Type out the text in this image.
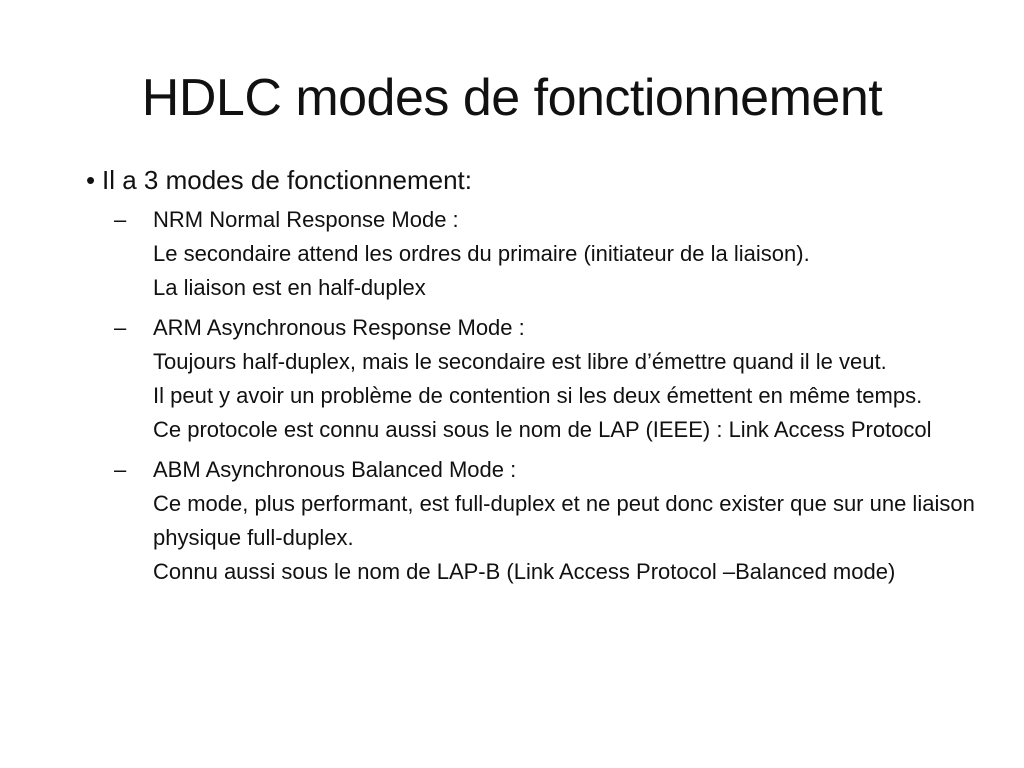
HDLC modes de fonctionnement
• Il a 3 modes de fonctionnement:
– NRM Normal Response Mode :
Le secondaire attend les ordres du primaire (initiateur de la liaison).
La liaison est en half-duplex
– ARM Asynchronous Response Mode :
Toujours half-duplex, mais le secondaire est libre d’émettre quand il le veut.
Il peut y avoir un problème de contention si les deux émettent en même temps.
Ce protocole est connu aussi sous le nom de LAP (IEEE) : Link Access Protocol
– ABM Asynchronous Balanced Mode :
Ce mode, plus performant, est full-duplex et ne peut donc exister que sur une liaison physique full-duplex.
Connu aussi sous le nom de LAP-B (Link Access Protocol –Balanced mode)
